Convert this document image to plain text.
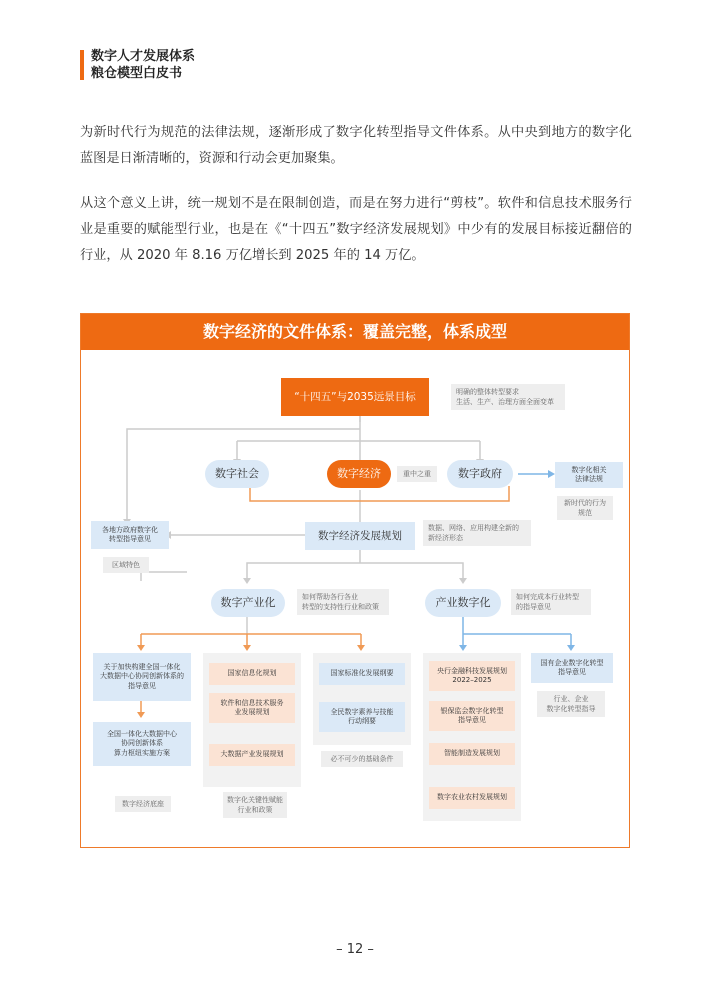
数字人才发展体系
粮仓模型白皮书

为新时代行为规范的法律法规，逐渐形成了数字化转型指导文件体系。从中央到地方的数字化蓝图是日渐清晰的，资源和行动会更加聚集。

从这个意义上讲，统一规划不是在限制创造，而是在努力进行“剪枝”。软件和信息技术服务行业是重要的赋能型行业，也是在《“十四五”数字经济发展规划》中少有的发展目标接近翻倍的行业，从 2020 年 8.16 万亿增长到 2025 年的 14 万亿。

数字经济的文件体系：覆盖完整，体系成型
“十四五”与2035远景目标	明确的整体转型要求
生活、生产、治理方面全面变革
数字社会	数字经济	重中之重	数字政府	数字化相关
法律法规
新时代的行为
规范
各地方政府数字化
转型指导意见
区域特色
数字经济发展规划
数据、网络、应用构建全新的
新经济形态
数字产业化	如何帮助各行各业
转型的支持性行业和政策	产业数字化	如何完成本行业转型
的指导意见
关于加快构建全国一体化
大数据中心协同创新体系的
指导意见
全国一体化大数据中心
协同创新体系
算力枢纽实施方案
数字经济底座
国家信息化规划
软件和信息技术服务
业发展规划
大数据产业发展规划
数字化关键性赋能
行业和政策
国家标准化发展纲要
全民数字素养与技能
行动纲要
必不可少的基础条件
央行金融科技发展规划
2022–2025
银保监会数字化转型
指导意见
智能制造发展规划
数字农业农村发展规划
国有企业数字化转型
指导意见
行业、企业
数字化转型指导
– 12 –
